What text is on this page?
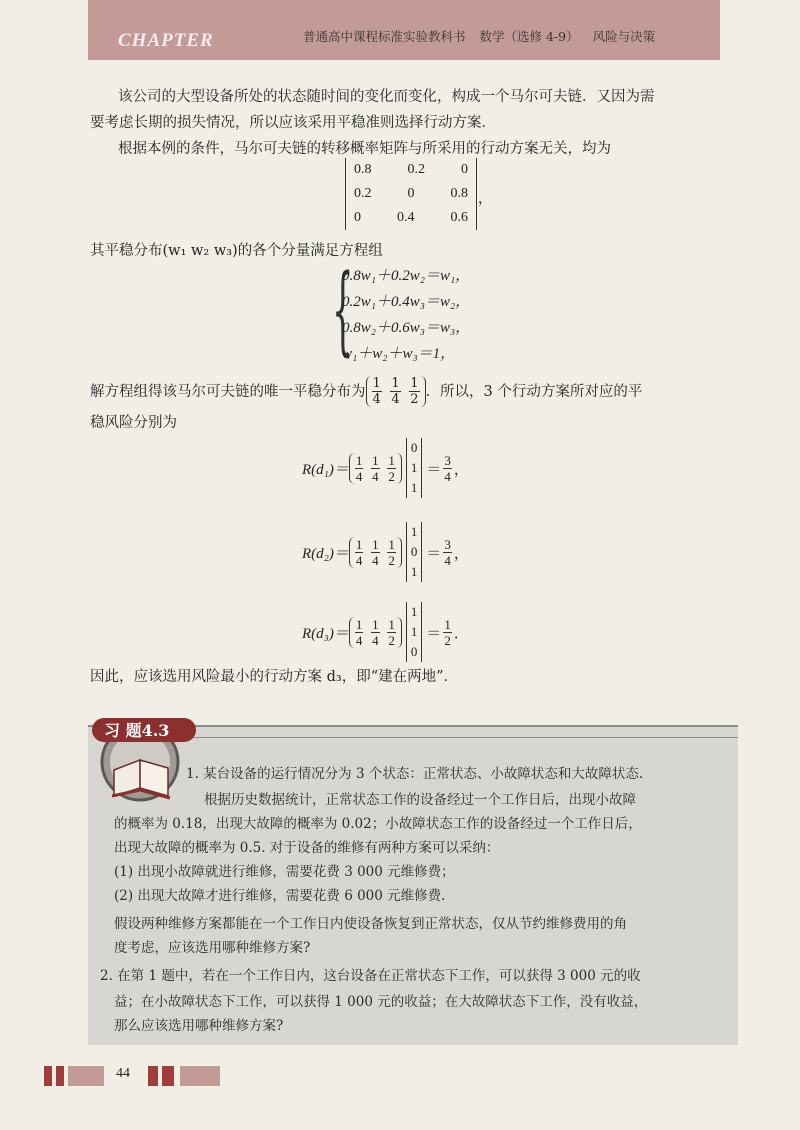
CHAPTER	普通高中课程标准实验教科书 数学（选修 4-9） 风险与决策
该公司的大型设备所处的状态随时间的变化而变化，构成一个马尔可夫链．又因为需
要考虑长期的损失情况，所以应该采用平稳准则选择行动方案．
根据本例的条件，马尔可夫链的转移概率矩阵与所采用的行动方案无关，均为
0.8	0.2	0
0.2	0	0.8
0	0.4	0.6
，
其平稳分布(w₁ w₂ w₃)的各个分量满足方程组
{
0.8w₁＋0.2w₂＝w₁，
0.2w₁＋0.4w₃＝w₂，
0.8w₂＋0.6w₃＝w₃，
w₁＋w₂＋w₃＝1，
解方程组得该马尔可夫链的唯一平稳分布为 $\frac{1}{4}$
$\frac{1}{4}$
$\frac{1}{2}$ ．所以，3 个行动方案所对应的平
稳风险分别为
$R(d_1)= \frac{1}{4}$
$\frac{1}{4}$
$\frac{1}{2}$
0
1
1
＝ $\frac{3}{4}$ ，
$R(d_2)= \frac{1}{4}$
$\frac{1}{4}$
$\frac{1}{2}$
1
0
1
＝ $\frac{3}{4}$ ，
$R(d_3)= \frac{1}{4}$
$\frac{1}{4}$
$\frac{1}{2}$
1
1
0
＝ $\frac{1}{2}$ ．
因此，应该选用风险最小的行动方案 d₃，即“建在两地”．
习 题4.3
1. 某台设备的运行情况分为 3 个状态：正常状态、小故障状态和大故障状态.
根据历史数据统计，正常状态工作的设备经过一个工作日后，出现小故障
的概率为 0.18，出现大故障的概率为 0.02；小故障状态工作的设备经过一个工作日后，
出现大故障的概率为 0.5. 对于设备的维修有两种方案可以采纳：
(1) 出现小故障就进行维修，需要花费 3 000 元维修费；
(2) 出现大故障才进行维修，需要花费 6 000 元维修费.
假设两种维修方案都能在一个工作日内使设备恢复到正常状态，仅从节约维修费用的角
度考虑，应该选用哪种维修方案?
2. 在第 1 题中，若在一个工作日内，这台设备在正常状态下工作，可以获得 3 000 元的收
益；在小故障状态下工作，可以获得 1 000 元的收益；在大故障状态下工作，没有收益，
那么应该选用哪种维修方案?
44
